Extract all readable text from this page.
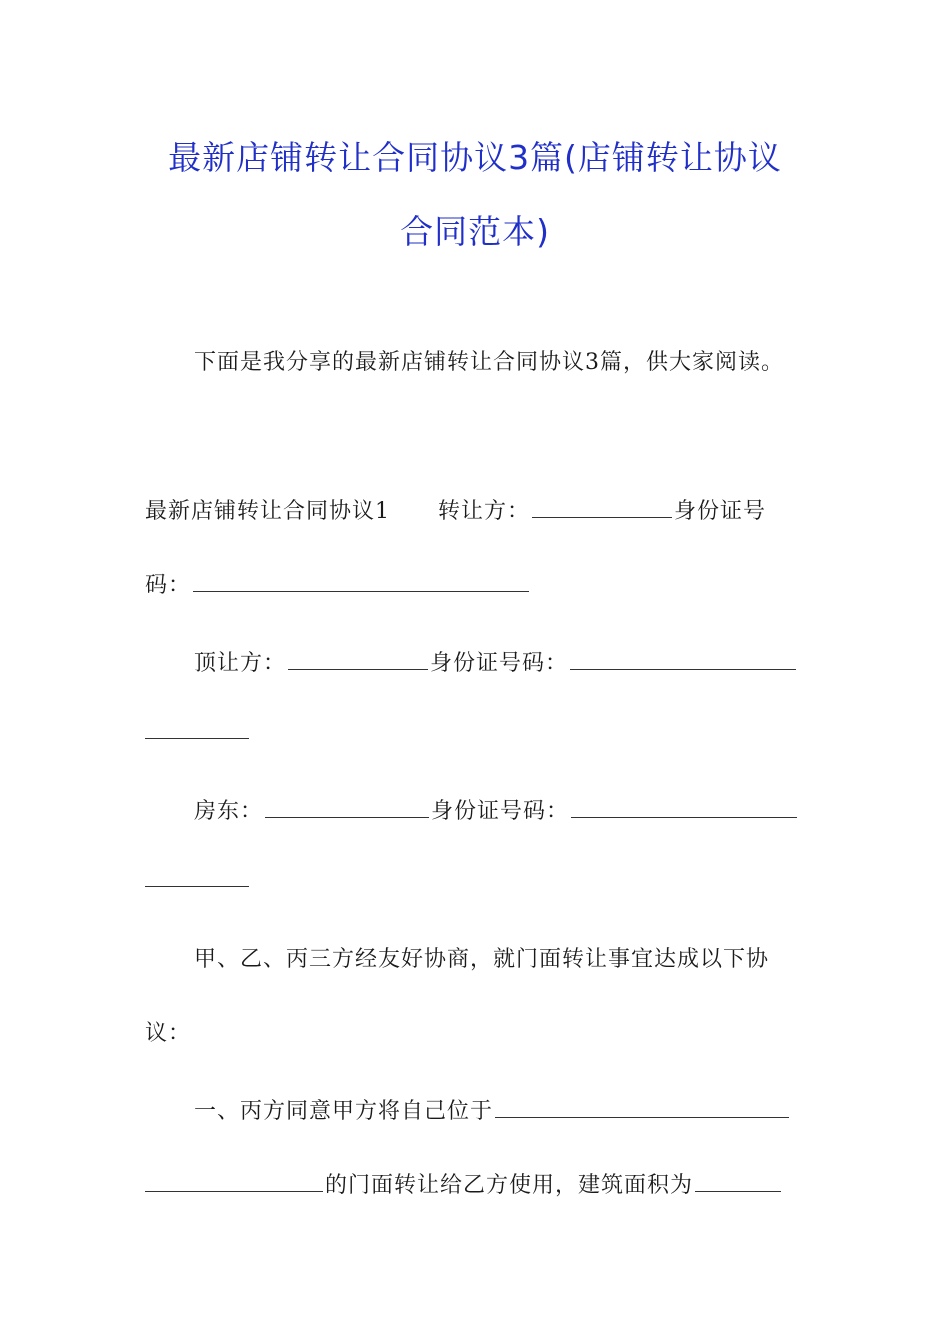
最新店铺转让合同协议3篇(店铺转让协议
合同范本)
下面是我分享的最新店铺转让合同协议3篇，供大家阅读。
最新店铺转让合同协议1 转让方：	身份证号
码：
顶让方：	身份证号码：
房东：	身份证号码：
甲、乙、丙三方经友好协商，就门面转让事宜达成以下协
议：
一、丙方同意甲方将自己位于
的门面转让给乙方使用，建筑面积为
